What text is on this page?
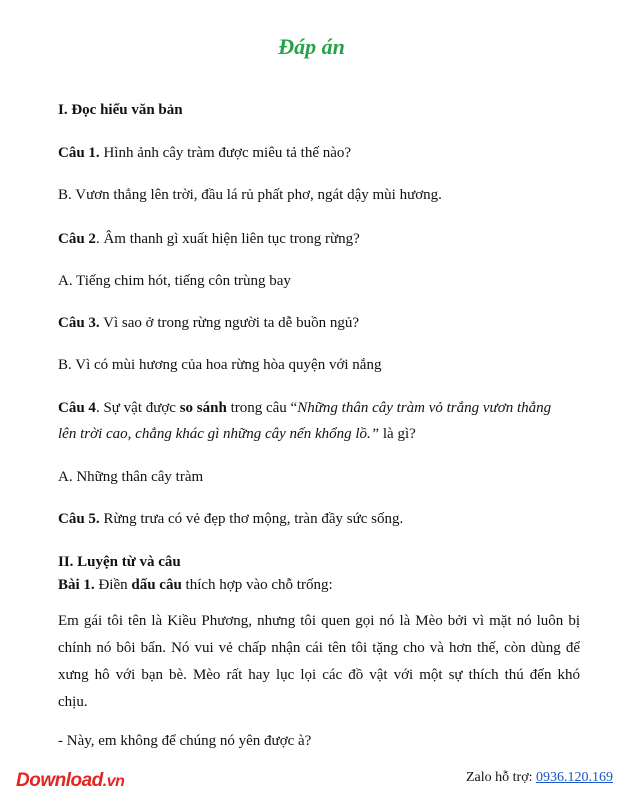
Đáp án
I. Đọc hiểu văn bản
Câu 1. Hình ảnh cây tràm được miêu tả thế nào?
B. Vươn thẳng lên trời, đầu lá rủ phất phơ, ngát dậy mùi hương.
Câu 2. Âm thanh gì xuất hiện liên tục trong rừng?
A. Tiếng chim hót, tiếng côn trùng bay
Câu 3. Vì sao ở trong rừng người ta dễ buồn ngủ?
B. Vì có mùi hương của hoa rừng hòa quyện với nắng
Câu 4. Sự vật được so sánh trong câu “Những thân cây tràm vỏ trắng vươn thẳng
lên trời cao, chẳng khác gì những cây nến khổng lồ.” là gì?
A. Những thân cây tràm
Câu 5. Rừng trưa có vẻ đẹp thơ mộng, tràn đầy sức sống.
II. Luyện từ và câu
Bài 1. Điền dấu câu thích hợp vào chỗ trống:
Em gái tôi tên là Kiều Phương, nhưng tôi quen gọi nó là Mèo bởi vì mặt nó luôn bị
chính nó bôi bẩn. Nó vui vẻ chấp nhận cái tên tôi tặng cho và hơn thế, còn dùng để
xưng hô với bạn bè. Mèo rất hay lục lọi các đồ vật với một sự thích thú đến khó
chịu.
- Này, em không để chúng nó yên được à?
Download.vn	Zalo hỗ trợ: 0936.120.169
